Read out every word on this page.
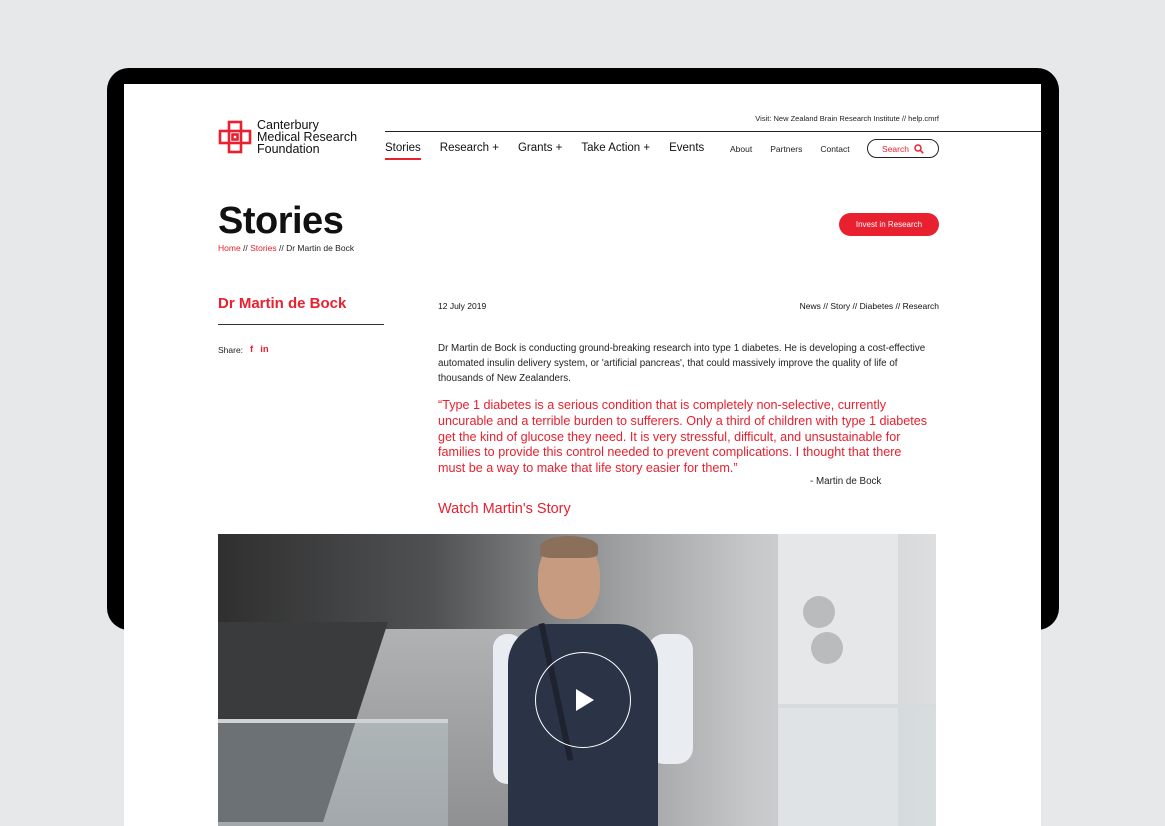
Canterbury
Medical Research
Foundation
Visit: New Zealand Brain Research Institute // help.cmrf
Stories Research + Grants + Take Action + Events	About Partners Contact	Search
Stories
Home // Stories // Dr Martin de Bock
Invest in Research
Dr Martin de Bock
Share: f in
12 July 2019	News // Story // Diabetes // Research

Dr Martin de Bock is conducting ground-breaking research into type 1 diabetes. He is developing a cost-effective automated insulin delivery system, or 'artificial pancreas', that could massively improve the quality of life of thousands of New Zealanders.

“Type 1 diabetes is a serious condition that is completely non-selective, currently uncurable and a terrible burden to sufferers. Only a third of children with type 1 diabetes get the kind of glucose they need. It is very stressful, difficult, and unsustainable for families to provide this control needed to prevent complications. I thought that there must be a way to make that life story easier for them.”

- Martin de Bock
Watch Martin's Story
